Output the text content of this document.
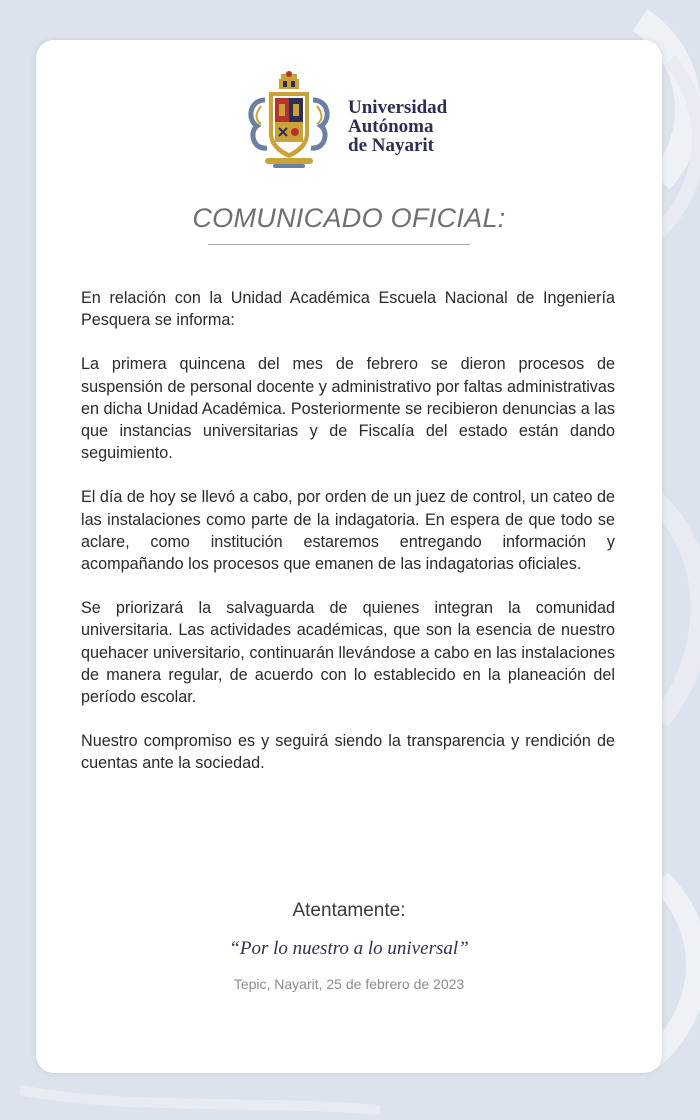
Universidad
Autónoma
de Nayarit
COMUNICADO OFICIAL:

En relación con la Unidad Académica Escuela Nacional de Ingeniería Pesquera se informa:

La primera quincena del mes de febrero se dieron procesos de suspensión de personal docente y administrativo por faltas administrativas en dicha Unidad Académica. Posteriormente se recibieron denuncias a las que instancias universitarias y de Fiscalía del estado están dando seguimiento.

El día de hoy se llevó a cabo, por orden de un juez de control, un cateo de las instalaciones como parte de la indagatoria. En espera de que todo se aclare, como institución estaremos entregando información y acompañando los procesos que emanen de las indagatorias oficiales.

Se priorizará la salvaguarda de quienes integran la comunidad universitaria. Las actividades académicas, que son la esencia de nuestro quehacer universitario, continuarán llevándose a cabo en las instalaciones de manera regular, de acuerdo con lo establecido en la planeación del período escolar.

Nuestro compromiso es y seguirá siendo la transparencia y rendición de cuentas ante la sociedad.

Atentamente:
“Por lo nuestro a lo universal”
Tepic, Nayarit, 25 de febrero de 2023
